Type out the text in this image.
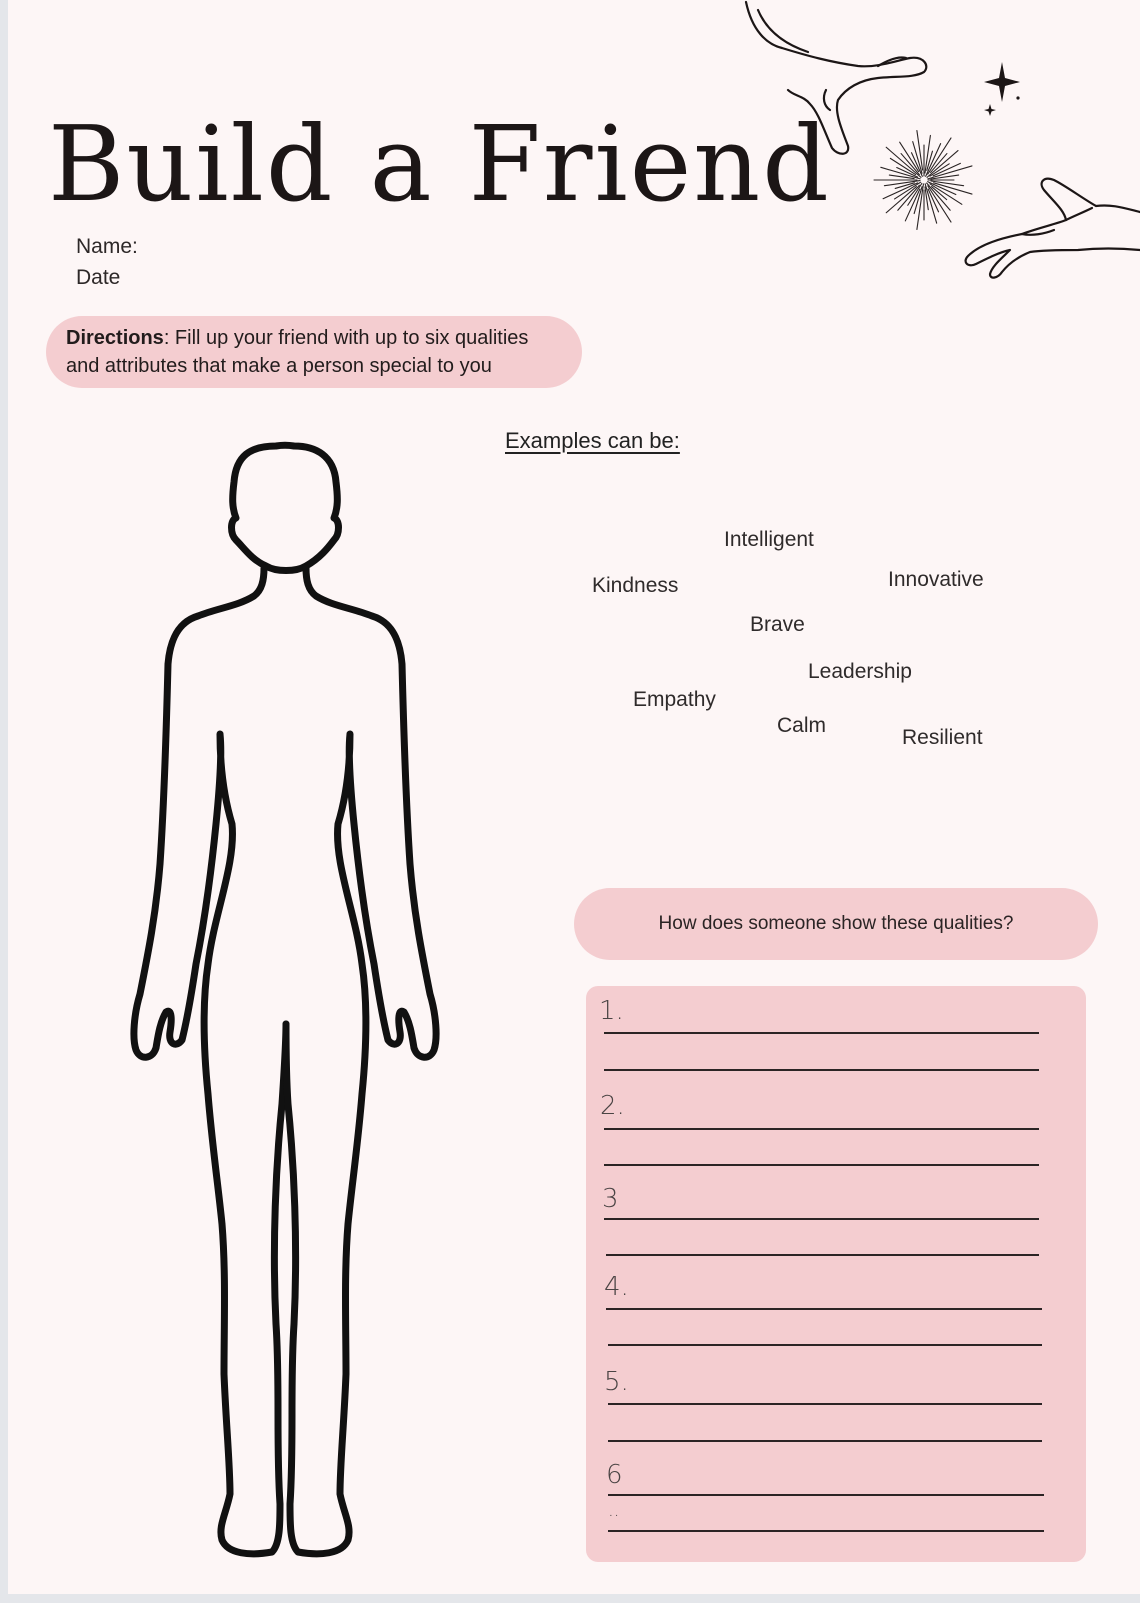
Build a Friend
Name:
Date
Directions: Fill up your friend with up to six qualities and attributes that make a person special to you
Examples can be:
Intelligent
Kindness	Innovative
Brave
Leadership
Empathy
Calm
Resilient
How does someone show these qualities?
1.
2.
3
4.
5.
6
..
